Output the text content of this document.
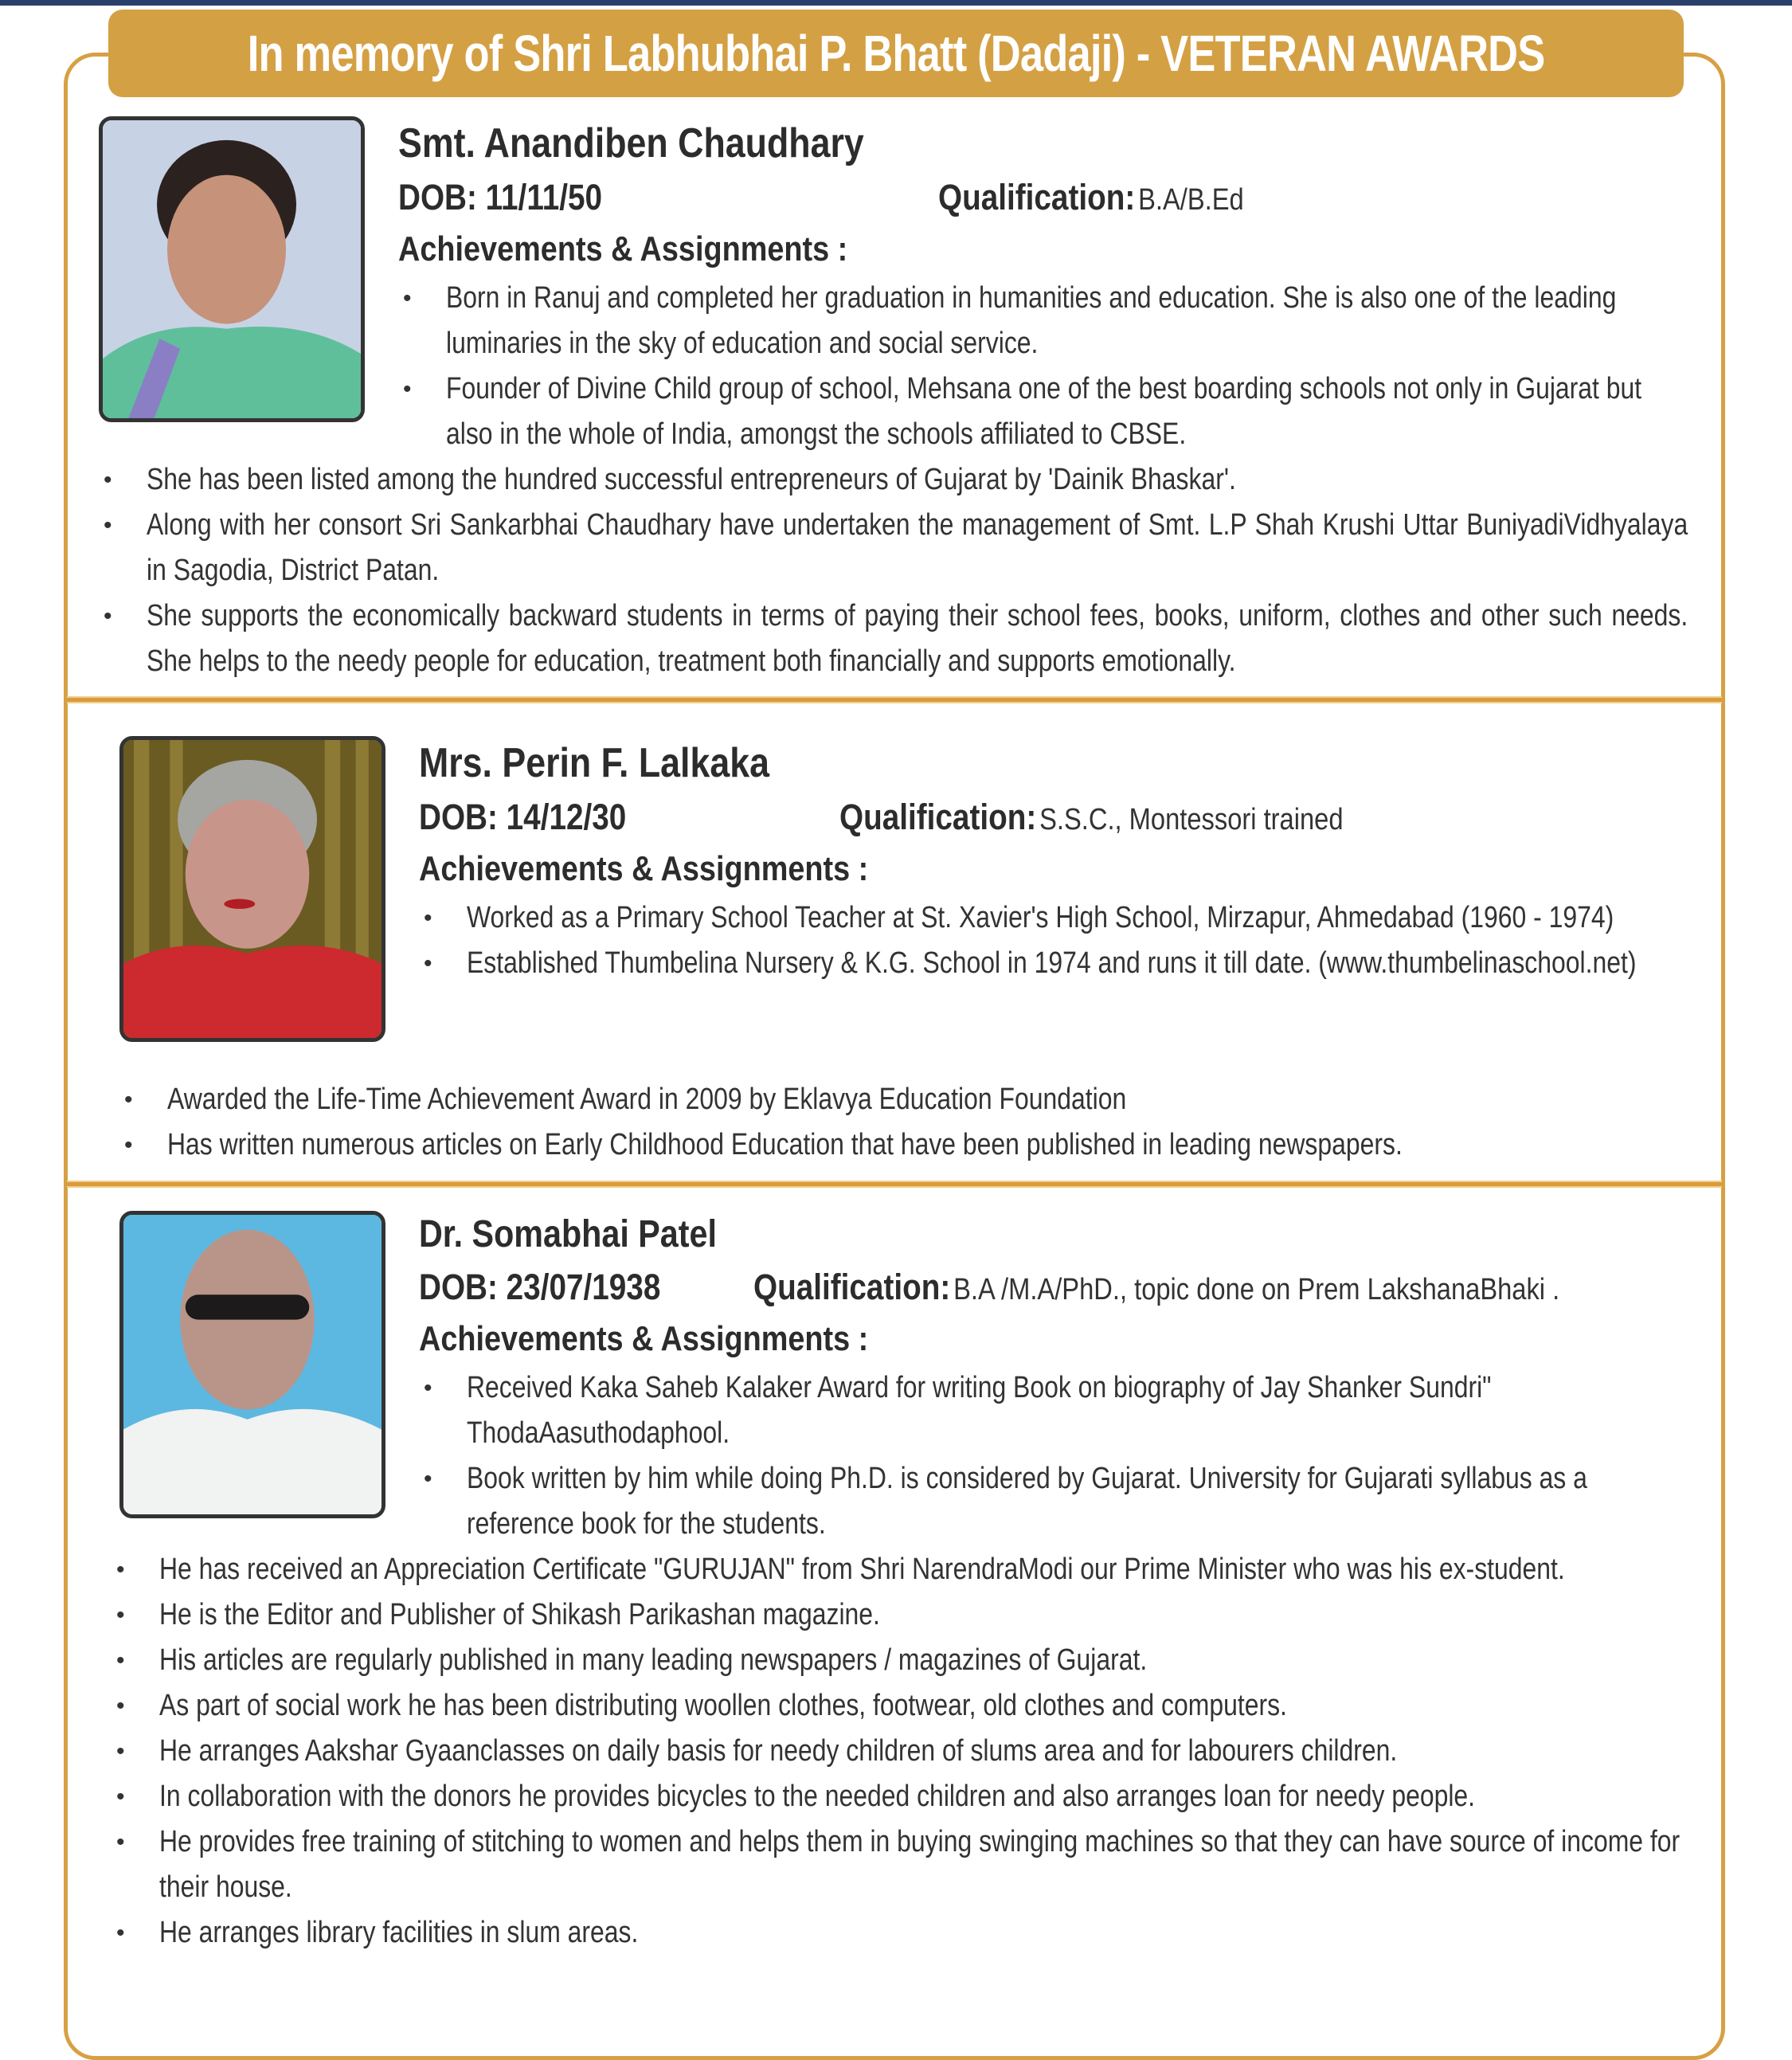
In memory of Shri Labhubhai P. Bhatt (Dadaji) - VETERAN AWARDS
Smt. Anandiben Chaudhary
DOB: 11/11/50	Qualification: B.A/B.Ed
Achievements & Assignments :
• Born in Ranuj and completed her graduation in humanities and education. She is also one of the leading luminaries in the sky of education and social service.
• Founder of Divine Child group of school, Mehsana one of the best boarding schools not only in Gujarat but also in the whole of India, amongst the schools affiliated to CBSE.
• She has been listed among the hundred successful entrepreneurs of Gujarat by 'Dainik Bhaskar'.
• Along with her consort Sri Sankarbhai Chaudhary have undertaken the management of Smt. L.P Shah Krushi Uttar BuniyadiVidhyalaya in Sagodia, District Patan.
• She supports the economically backward students in terms of paying their school fees, books, uniform, clothes and other such needs. She helps to the needy people for education, treatment both financially and supports emotionally.
Mrs. Perin F. Lalkaka
DOB: 14/12/30	Qualification: S.S.C., Montessori trained
Achievements & Assignments :
• Worked as a Primary School Teacher at St. Xavier's High School, Mirzapur, Ahmedabad (1960 - 1974)
• Established Thumbelina Nursery & K.G. School in 1974 and runs it till date. (www.thumbelinaschool.net)
• Awarded the Life-Time Achievement Award in 2009 by Eklavya Education Foundation
• Has written numerous articles on Early Childhood Education that have been published in leading newspapers.
Dr. Somabhai Patel
DOB: 23/07/1938	Qualification: B.A /M.A/PhD., topic done on Prem LakshanaBhaki .
Achievements & Assignments :
• Received Kaka Saheb Kalaker Award for writing Book on biography of Jay Shanker Sundri" ThodaAasuthodaphool.
• Book written by him while doing Ph.D. is considered by Gujarat. University for Gujarati syllabus as a reference book for the students.
• He has received an Appreciation Certificate "GURUJAN" from Shri NarendraModi our Prime Minister who was his ex-student.
• He is the Editor and Publisher of Shikash Parikashan magazine.
• His articles are regularly published in many leading newspapers / magazines of Gujarat.
• As part of social work he has been distributing woollen clothes, footwear, old clothes and computers.
• He arranges Aakshar Gyaanclasses on daily basis for needy children of slums area and for labourers children.
• In collaboration with the donors he provides bicycles to the needed children and also arranges loan for needy people.
• He provides free training of stitching to women and helps them in buying swinging machines so that they can have source of income for their house.
• He arranges library facilities in slum areas.
